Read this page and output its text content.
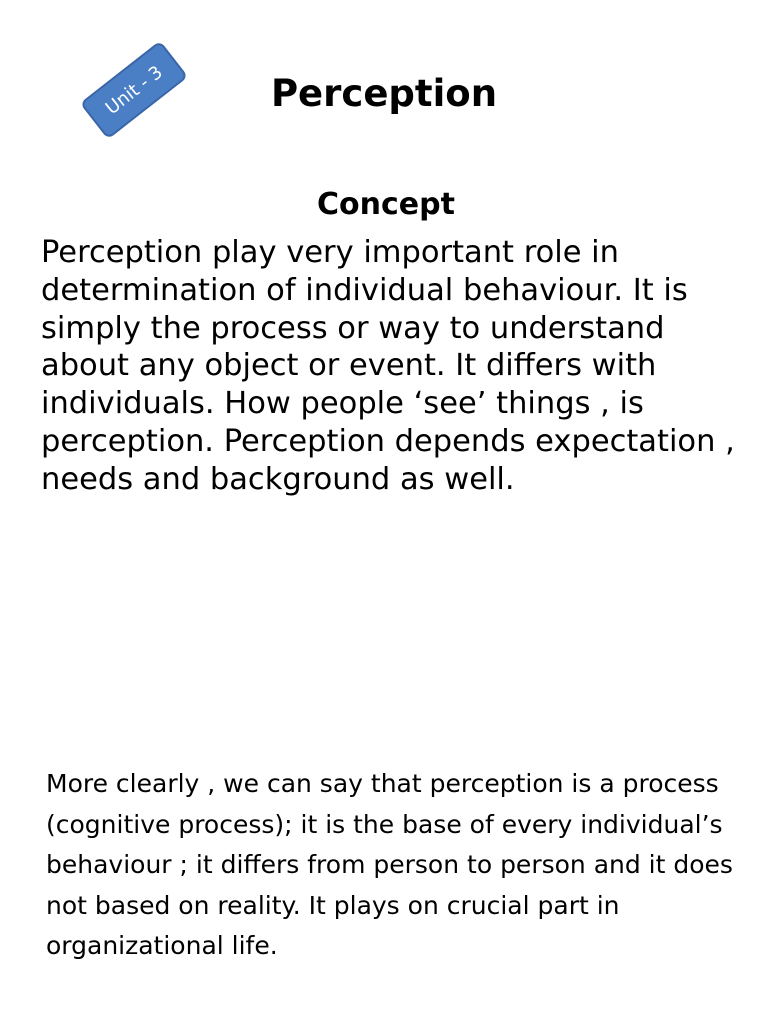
Unit - 3	Perception
Concept

Perception play very important role in determination of individual behaviour. It is simply the process or way to understand about any object or event. It differs with individuals. How people ‘see’ things , is perception. Perception depends expectation , needs and background as well.

More clearly , we can say that perception is a process (cognitive process); it is the base of every individual’s behaviour ; it differs from person to person and it does not based on reality. It plays on crucial part in organizational life.
